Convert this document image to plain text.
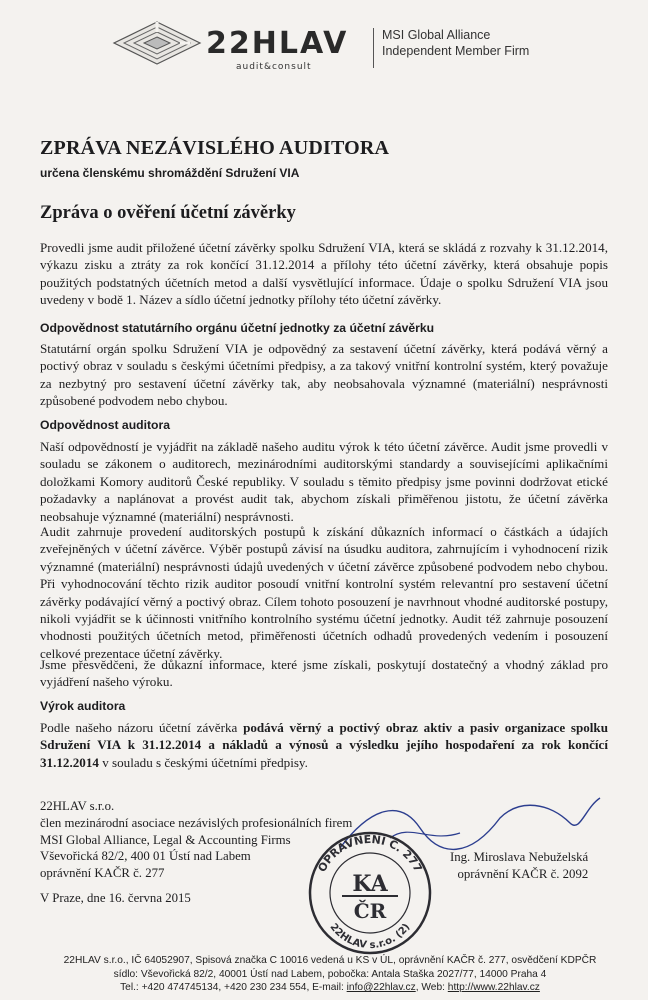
22HLAV
audit&consult
MSI Global Alliance
Independent Member Firm
ZPRÁVA NEZÁVISLÉHO AUDITORA
určena členskému shromáždění Sdružení VIA
Zpráva o ověření účetní závěrky
Provedli jsme audit přiložené účetní závěrky spolku Sdružení VIA, která se skládá z rozvahy k 31.12.2014, výkazu zisku a ztráty za rok končící 31.12.2014 a přílohy této účetní závěrky, která obsahuje popis použitých podstatných účetních metod a další vysvětlující informace. Údaje o spolku Sdružení VIA jsou uvedeny v bodě 1. Název a sídlo účetní jednotky přílohy této účetní závěrky.
Odpovědnost statutárního orgánu účetní jednotky za účetní závěrku
Statutární orgán spolku Sdružení VIA je odpovědný za sestavení účetní závěrky, která podává věrný a poctivý obraz v souladu s českými účetními předpisy, a za takový vnitřní kontrolní systém, který považuje za nezbytný pro sestavení účetní závěrky tak, aby neobsahovala významné (materiální) nesprávnosti způsobené podvodem nebo chybou.
Odpovědnost auditora
Naší odpovědností je vyjádřit na základě našeho auditu výrok k této účetní závěrce. Audit jsme provedli v souladu se zákonem o auditorech, mezinárodními auditorskými standardy a souvisejícími aplikačními doložkami Komory auditorů České republiky. V souladu s těmito předpisy jsme povinni dodržovat etické požadavky a naplánovat a provést audit tak, abychom získali přiměřenou jistotu, že účetní závěrka neobsahuje významné (materiální) nesprávnosti.
Audit zahrnuje provedení auditorských postupů k získání důkazních informací o částkách a údajích zveřejněných v účetní závěrce. Výběr postupů závisí na úsudku auditora, zahrnujícím i vyhodnocení rizik významné (materiální) nesprávnosti údajů uvedených v účetní závěrce způsobené podvodem nebo chybou. Při vyhodnocování těchto rizik auditor posoudí vnitřní kontrolní systém relevantní pro sestavení účetní závěrky podávající věrný a poctivý obraz. Cílem tohoto posouzení je navrhnout vhodné auditorské postupy, nikoli vyjádřit se k účinnosti vnitřního kontrolního systému účetní jednotky. Audit též zahrnuje posouzení vhodnosti použitých účetních metod, přiměřenosti účetních odhadů provedených vedením i posouzení celkové prezentace účetní závěrky.
Jsme přesvědčeni, že důkazní informace, které jsme získali, poskytují dostatečný a vhodný základ pro vyjádření našeho výroku.
Výrok auditora
Podle našeho názoru účetní závěrka podává věrný a poctivý obraz aktiv a pasiv organizace spolku Sdružení VIA k 31.12.2014 a nákladů a výnosů a výsledku jejího hospodaření za rok končící 31.12.2014 v souladu s českými účetními předpisy.
22HLAV s.r.o.
člen mezinárodní asociace nezávislých profesionálních firem
MSI Global Alliance, Legal & Accounting Firms
Vševořická 82/2, 400 01 Ústí nad Labem
oprávnění KAČR č. 277	OPRÁVNĚNÍ Č. 277
22HLAV s.r.o. (2)
KA
ČR
Ing. Miroslava Nebuželská
oprávnění KAČR č. 2092
V Praze, dne 16. června 2015
22HLAV s.r.o., IČ 64052907, Spisová značka C 10016 vedená u KS v ÚL, oprávnění KAČR č. 277, osvědčení KDPČR
sídlo: Vševořická 82/2, 40001 Ústí nad Labem, pobočka: Antala Staška 2027/77, 14000 Praha 4
Tel.: +420 474745134, +420 230 234 554, E-mail: info@22hlav.cz, Web: http://www.22hlav.cz
